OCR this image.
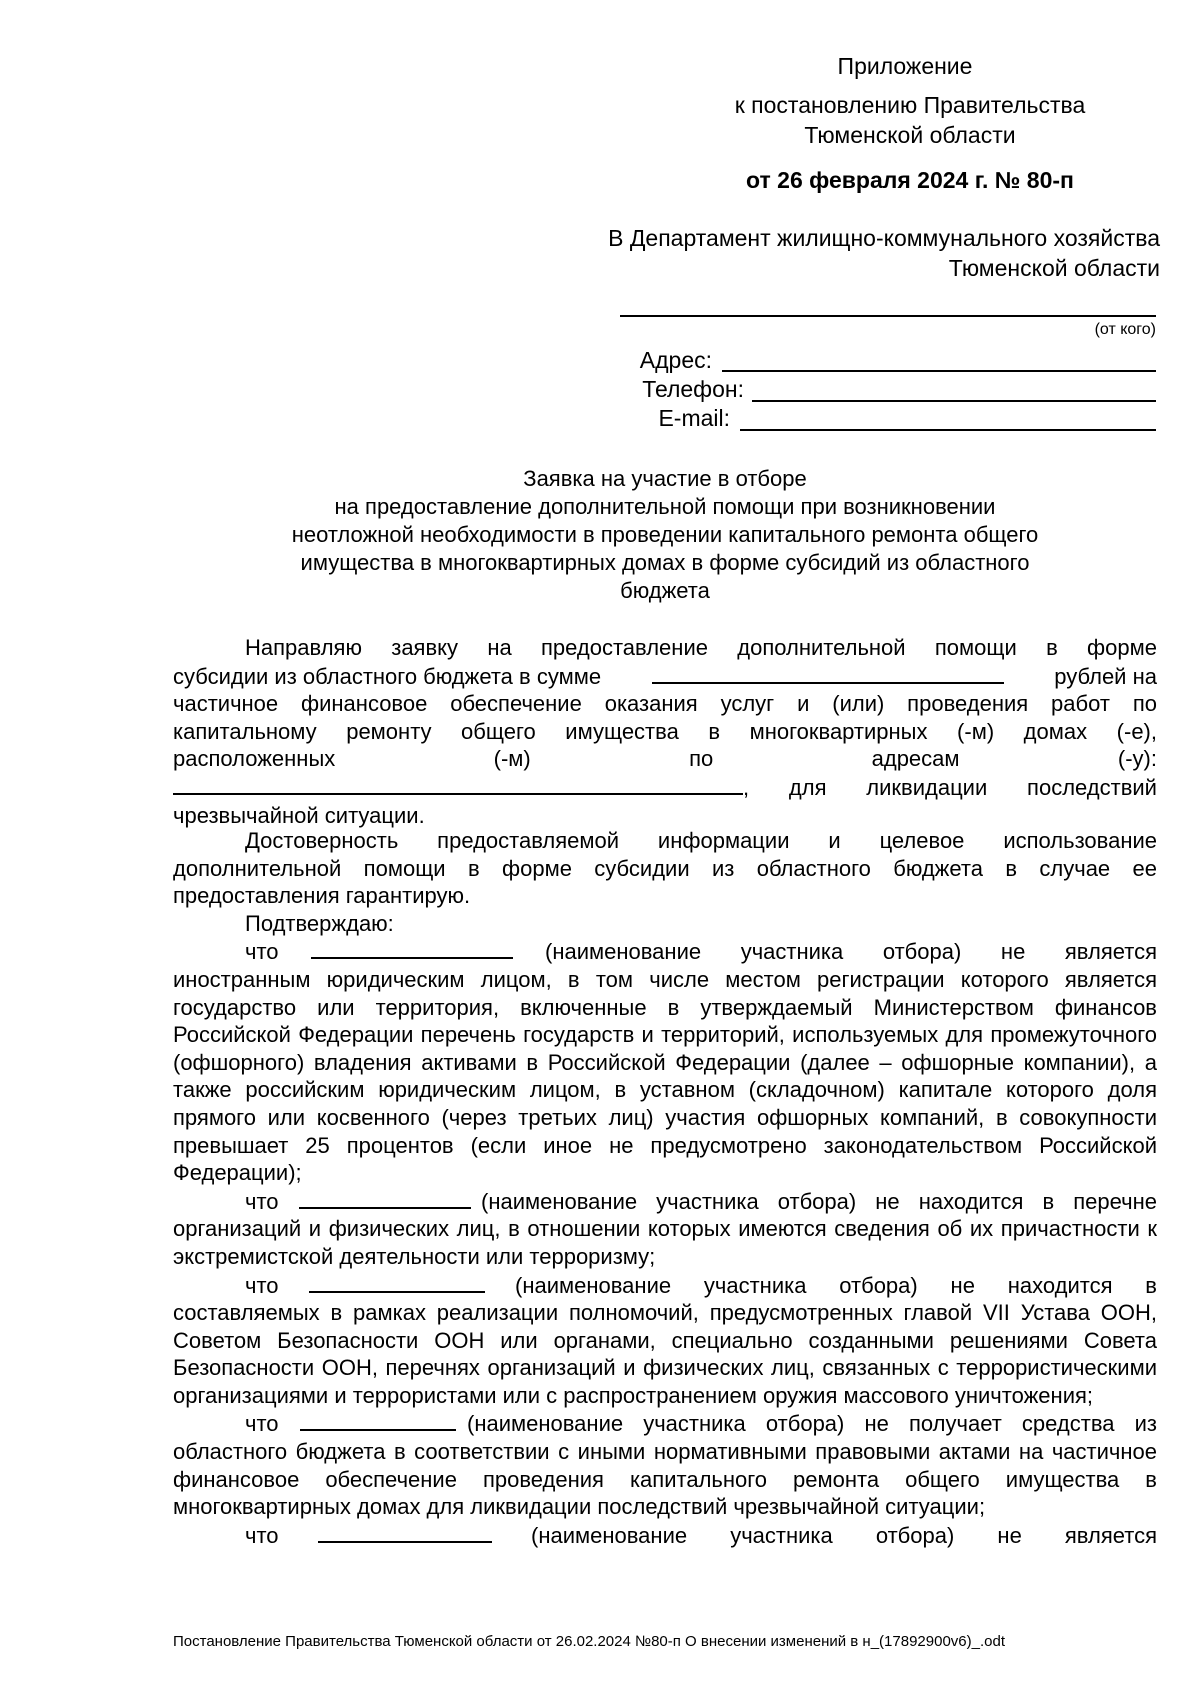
Приложение
к постановлению Правительства
Тюменской области
от 26 февраля 2024 г. № 80-п
В Департамент жилищно-коммунального хозяйства
Тюменской области
(от кого)
Адрес:
Телефон:
E-mail:
Заявка на участие в отборе
на предоставление дополнительной помощи при возникновении
неотложной необходимости в проведении капитального ремонта общего
имущества в многоквартирных домах в форме субсидий из областного
бюджета
Направляю заявку на предоставление дополнительной помощи в форме
субсидии из областного бюджета в сумме	рублей на
частичное финансовое обеспечение оказания услуг и (или) проведения работ по
капитальному ремонту общего имущества в многоквартирных (-м) домах (-е),
расположенных	(-м)	по	адресам	(-у):
, для ликвидации последствий
чрезвычайной ситуации.

Достоверность предоставляемой информации и целевое использование дополнительной помощи в форме субсидии из областного бюджета в случае ее предоставления гарантирую.

Подтверждаю:

что	(наименование участника отбора) не является

иностранным юридическим лицом, в том числе местом регистрации которого является государство или территория, включенные в утверждаемый Министерством финансов Российской Федерации перечень государств и территорий, используемых для промежуточного (офшорного) владения активами в Российской Федерации (далее – офшорные компании), а также российским юридическим лицом, в уставном (складочном) капитале которого доля прямого или косвенного (через третьих лиц) участия офшорных компаний, в совокупности превышает 25 процентов (если иное не предусмотрено законодательством Российской Федерации);

что	(наименование участника отбора) не находится в перечне

организаций и физических лиц, в отношении которых имеются сведения об их причастности к экстремистской деятельности или терроризму;

что	(наименование участника отбора) не находится в

составляемых в рамках реализации полномочий, предусмотренных главой VII Устава ООН, Советом Безопасности ООН или органами, специально созданными решениями Совета Безопасности ООН, перечнях организаций и физических лиц, связанных с террористическими организациями и террористами или с распространением оружия массового уничтожения;

что	(наименование участника отбора) не получает средства из

областного бюджета в соответствии с иными нормативными правовыми актами на частичное финансовое обеспечение проведения капитального ремонта общего имущества в многоквартирных домах для ликвидации последствий чрезвычайной ситуации;

что	(наименование участника отбора) не является
Постановление Правительства Тюменской области от 26.02.2024 №80-п О внесении изменений в н_(17892900v6)_.odt
